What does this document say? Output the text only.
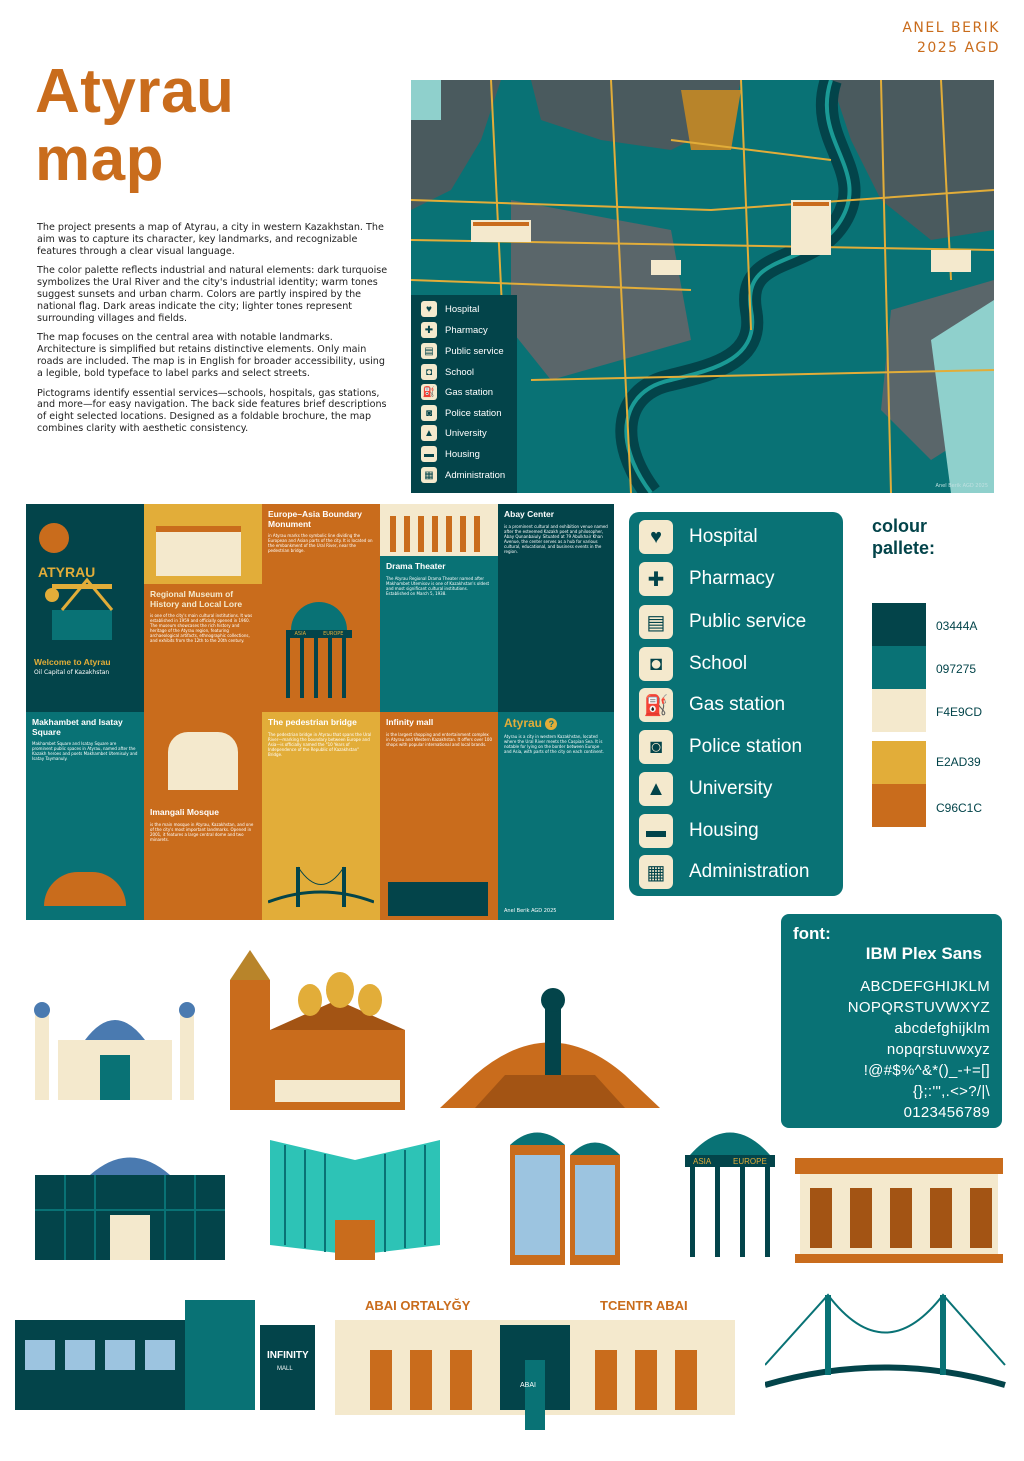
ANEL BERIK
2025 AGD
Atyrau
map

The project presents a map of Atyrau, a city in western Kazakhstan. The aim was to capture its character, key landmarks, and recognizable features through a clear visual language.

The color palette reflects industrial and natural elements: dark turquoise symbolizes the Ural River and the city's industrial identity; warm tones suggest sunsets and urban charm. Colors are partly inspired by the national flag. Dark areas indicate the city; lighter tones represent surrounding villages and fields.

The map focuses on the central area with notable landmarks. Architecture is simplified but retains distinctive elements. Only main roads are included. The map is in English for broader accessibility, using a legible, bold typeface to label parks and select streets.

Pictograms identify essential services—schools, hospitals, gas stations, and more—for easy navigation. The back side features brief descriptions of eight selected locations. Designed as a foldable brochure, the map combines clarity with aesthetic consistency.

♥	Hospital
✚	Pharmacy
▤	Public service
◘	School
⛽ Gas station
◙	Police station
▲	University
▬	Housing
▦	Administration
Anel Berik AGD 2025
ATYRAU
Welcome to Atyrau
Oil Capital of Kazakhstan
Regional Museum of History and Local Lore
is one of the city's main cultural institutions. It was established in 1959 and officially opened in 1960. The museum showcases the rich history and heritage of the Atyrau region, featuring archaeological artifacts, ethnographic collections, and exhibits from the 12th to the 20th century.
Europe–Asia Boundary Monument
in Atyrau marks the symbolic line dividing the European and Asian parts of the city. It is located on the embankment of the Ural River, near the pedestrian bridge.
ASIA	EUROPE
Drama Theater
The Atyrau Regional Drama Theater named after Makhambet Utemisov is one of Kazakhstan's oldest and most significant cultural institutions. Established on March 5, 1938.
Abay Center
is a prominent cultural and exhibition venue named after the esteemed Kazakh poet and philosopher, Abay Qunanbaiuly. Situated at 79 Abulkhair Khan Avenue, the center serves as a hub for various cultural, educational, and business events in the region.
Makhambet and Isatay Square
Makhambet Square and Isatay Square are prominent public spaces in Atyrau, named after the Kazakh heroes and poets Makhambet Utemisuly and Isatay Taymanuly.
Imangali Mosque
is the main mosque in Atyrau, Kazakhstan, and one of the city's most important landmarks. Opened in 2001, it features a large central dome and two minarets.
The pedestrian bridge
The pedestrian bridge in Atyrau that spans the Ural River—marking the boundary between Europe and Asia—is officially named the "10 Years of Independence of the Republic of Kazakhstan" Bridge.
Infinity mall
is the largest shopping and entertainment complex in Atyrau and Western Kazakhstan. It offers over 100 shops with popular international and local brands.
Atyrau ?
Atyrau is a city in western Kazakhstan, located where the Ural River meets the Caspian Sea. It is notable for lying on the border between Europe and Asia, with parts of the city on each continent.
Anel Berik AGD 2025
♥	Hospital
✚	Pharmacy
▤	Public service
◘	School
⛽ Gas station
◙	Police station
▲	University
▬	Housing
▦	Administration
colour
pallete:
03444A
097275
F4E9CD
E2AD39
C96C1C
font:
IBM Plex Sans
ABCDEFGHIJKLM
NOPQRSTUVWXYZ
abcdefghijklm
nopqrstuvwxyz
!@#$%^&*()_-+=[]
{};:'",.<>?/|\
0123456789
ASIA	EUROPE
INFINITY
MALL
ABAI ORTALYĞY	TCENTR ABAI
ABAI
